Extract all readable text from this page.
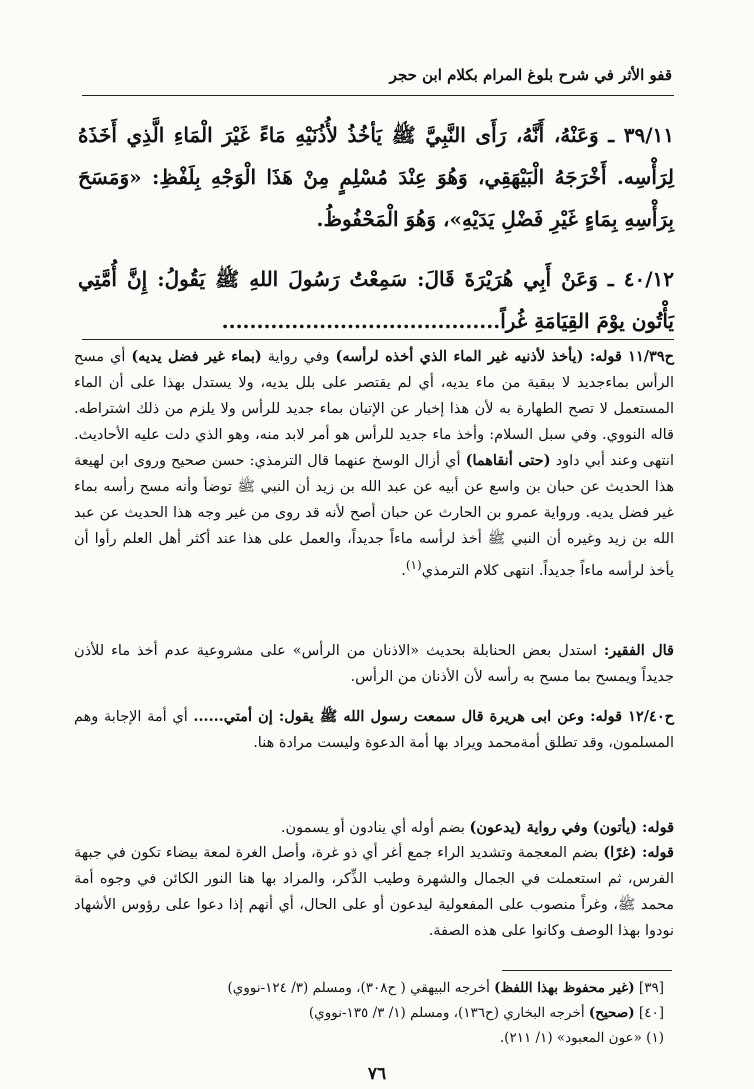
قفو الأثر في شرح بلوغ المرام بكلام ابن حجر
٣٩/١١ ـ وَعَنْهُ، أَنَّهُ، رَأَى النَّبِيَّ ﷺ يَأخُذُ لأُذُنَيْهِ مَاءً غَيْرَ الْمَاءِ الَّذِي أَخَذَهُ لِرَأْسِه. أَخْرَجَهُ الْبَيْهَقِي، وَهُوَ عِنْدَ مُسْلِمٍ مِنْ هَذَا الْوَجْهِ بِلَفْظِ: «وَمَسَحَ بِرَأْسِهِ بِمَاءٍ غَيْرِ فَضْلِ يَدَيْهِ»، وَهُوَ الْمَحْفُوظُ.
٤٠/١٢ ـ وَعَنْ أَبِي هُرَيْرَةَ قَالَ: سَمِعْتُ رَسُولَ اللهِ ﷺ يَقُولُ: إِنَّ أُمَّتِي يَأْتُون يوْمَ القِيَامَةِ غُراً........................................

ح١١/٣٩ قوله: (يأخذ لأذنيه غير الماء الذي أخذه لرأسه) وفي رواية (بماء غير فضل يديه) أي مسح الرأس بماءجديد لا ببقية من ماء يديه، أي لم يقتصر على بلل يديه، ولا يستدل بهذا على أن الماء المستعمل لا تصح الطهارة به لأن هذا إخبار عن الإتيان بماء جديد للرأس ولا يلزم من ذلك اشتراطه. قاله النووي. وفي سبل السلام: وأخذ ماء جديد للرأس هو أمر لابد منه، وهو الذي دلت عليه الأحاديث. انتهى وعند أبي داود (حتى أنقاهما) أي أزال الوسخ عنهما قال الترمذي: حسن صحيح وروى ابن لهيعة هذا الحديث عن حبان بن واسع عن أبيه عن عبد الله بن زيد أن النبي ﷺ توضأ وأنه مسح رأسه بماء غير فضل يديه. ورواية عمرو بن الحارث عن حبان أصح لأنه قد روى من غير وجه هذا الحديث عن عبد الله بن زيد وغيره أن النبي ﷺ أخذ لرأسه ماءاً جديداً، والعمل على هذا عند أكثر أهل العلم رأوا أن يأخذ لرأسه ماءاً جديداً. انتهى كلام الترمذي$^{(١)}$.

قال الفقير: استدل بعض الحنابلة بحديث «الاذنان من الرأس» على مشروعية عدم أخذ ماء للأذن جديداً ويمسح بما مسح به رأسه لأن الأذنان من الرأس.

ح١٢/٤٠ قوله: وعن ابى هريرة قال سمعت رسول الله ﷺ يقول: إن أمتي...... أي أمة الإجابة وهم المسلمون، وقد تطلق أمةمحمد ويراد بها أمة الدعوة وليست مرادة هنا.

قوله: (يأتون) وفي رواية (يدعون) بضم أوله أي ينادون أو يسمون.

قوله: (غرًا) بضم المعجمة وتشديد الراء جمع أغر أي ذو غرة، وأصل الغرة لمعة بيضاء تكون في جبهة الفرس، ثم استعملت في الجمال والشهرة وطيب الذِّكر، والمراد بها هنا النور الكائن في وجوه أمة محمد ﷺ، وغراً منصوب على المفعولية ليدعون أو على الحال، أي أنهم إذا دعوا على رؤوس الأشهاد نودوا بهذا الوصف وكانوا على هذه الصفة.

[٣٩] (غير محفوظ بهذا اللفظ) أخرجه البيهقي ( ح٣٠٨)، ومسلم (٣/ ١٢٤-نووي)
[٤٠] (صحيح) أخرجه البخاري (ح١٣٦)، ومسلم (١/ ٣/ ١٣٥-نووي)
(١) «عون المعبود» (١/ ٢١١).
٧٦
